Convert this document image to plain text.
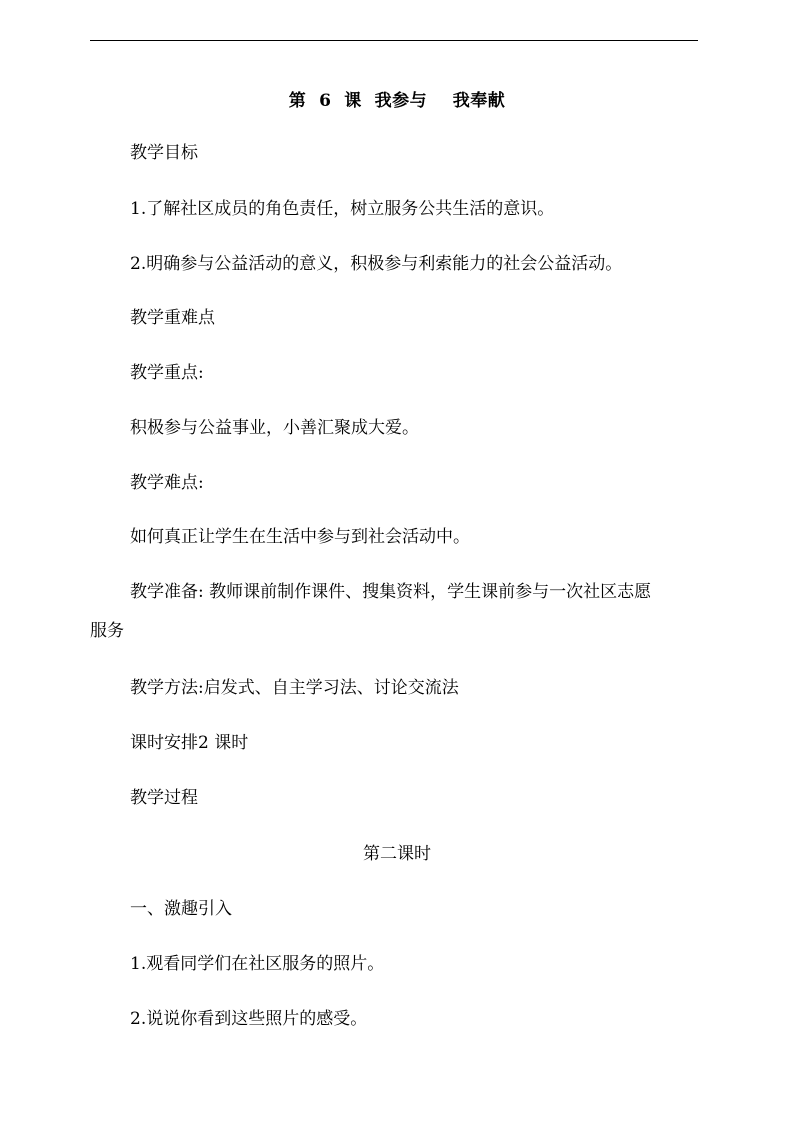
第  6  课  我参与    我奉献
教学目标
1.了解社区成员的角色责任，树立服务公共生活的意识。
2.明确参与公益活动的意义，积极参与利索能力的社会公益活动。
教学重难点
教学重点:
积极参与公益事业，小善汇聚成大爱。
教学难点:
如何真正让学生在生活中参与到社会活动中。
教学准备: 教师课前制作课件、搜集资料，学生课前参与一次社区志愿
服务
教学方法:启发式、自主学习法、讨论交流法
课时安排2 课时
教学过程
第二课时
一、激趣引入
1.观看同学们在社区服务的照片。
2.说说你看到这些照片的感受。
